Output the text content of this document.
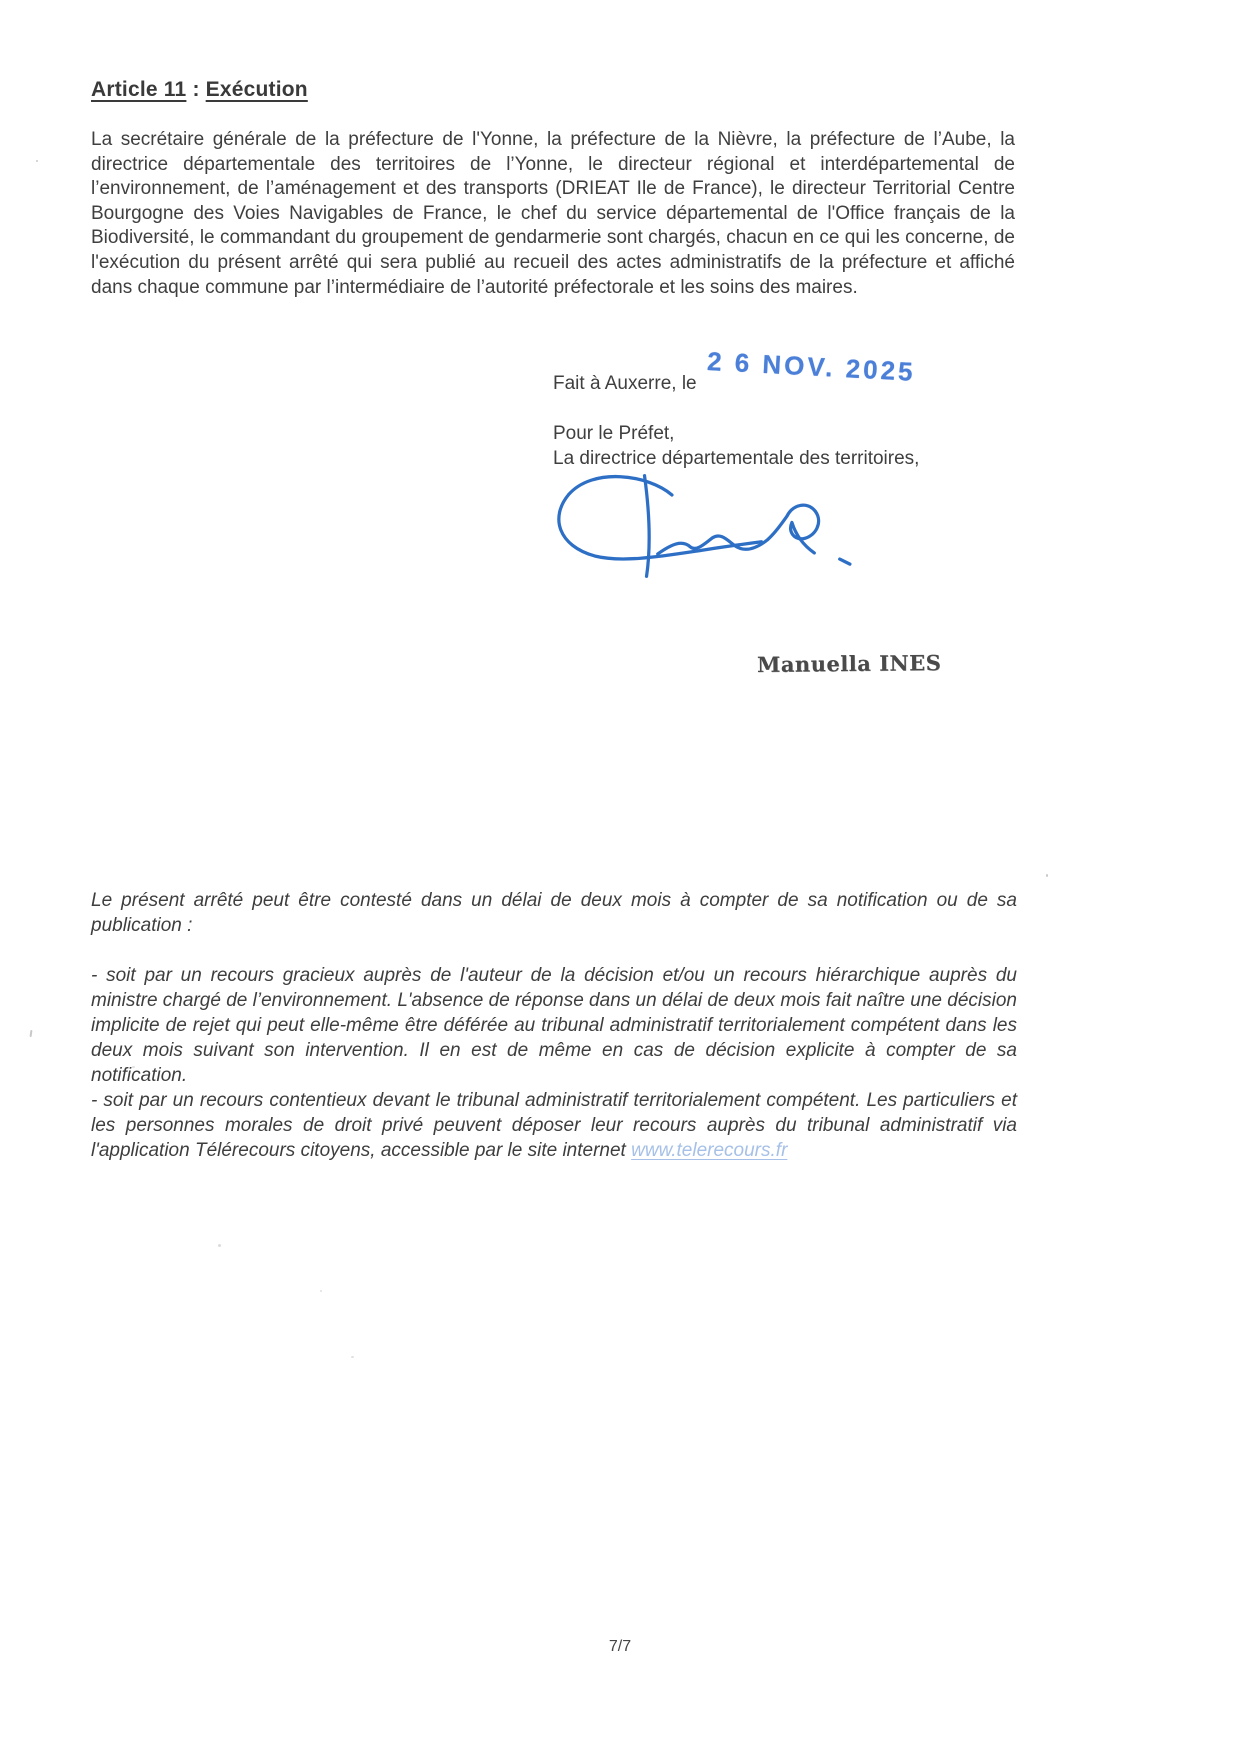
Article 11 : Exécution
La secrétaire générale de la préfecture de l'Yonne, la préfecture de la Nièvre, la préfecture de l’Aube, la directrice départementale des territoires de l’Yonne, le directeur régional et interdépartemental de l’environnement, de l’aménagement et des transports (DRIEAT Ile de France), le directeur Territorial Centre Bourgogne des Voies Navigables de France, le chef du service départemental de l'Office français de la Biodiversité, le commandant du groupement de gendarmerie sont chargés, chacun en ce qui les concerne, de l'exécution du présent arrêté qui sera publié au recueil des actes administratifs de la préfecture et affiché dans chaque commune par l’intermédiaire de l’autorité préfectorale et les soins des maires.
Fait à Auxerre, le 2 6 NOV. 2025
Pour le Préfet,
La directrice départementale des territoires,
Manuella INES
Le présent arrêté peut être contesté dans un délai de deux mois à compter de sa notification ou de sa publication :

- soit par un recours gracieux auprès de l'auteur de la décision et/ou un recours hiérarchique auprès du ministre chargé de l’environnement. L'absence de réponse dans un délai de deux mois fait naître une décision implicite de rejet qui peut elle-même être déférée au tribunal administratif territorialement compétent dans les deux mois suivant son intervention. Il en est de même en cas de décision explicite à compter de sa notification.

- soit par un recours contentieux devant le tribunal administratif territorialement compétent. Les particuliers et les personnes morales de droit privé peuvent déposer leur recours auprès du tribunal administratif via l'application Télérecours citoyens, accessible par le site internet www.telerecours.fr

7/7
